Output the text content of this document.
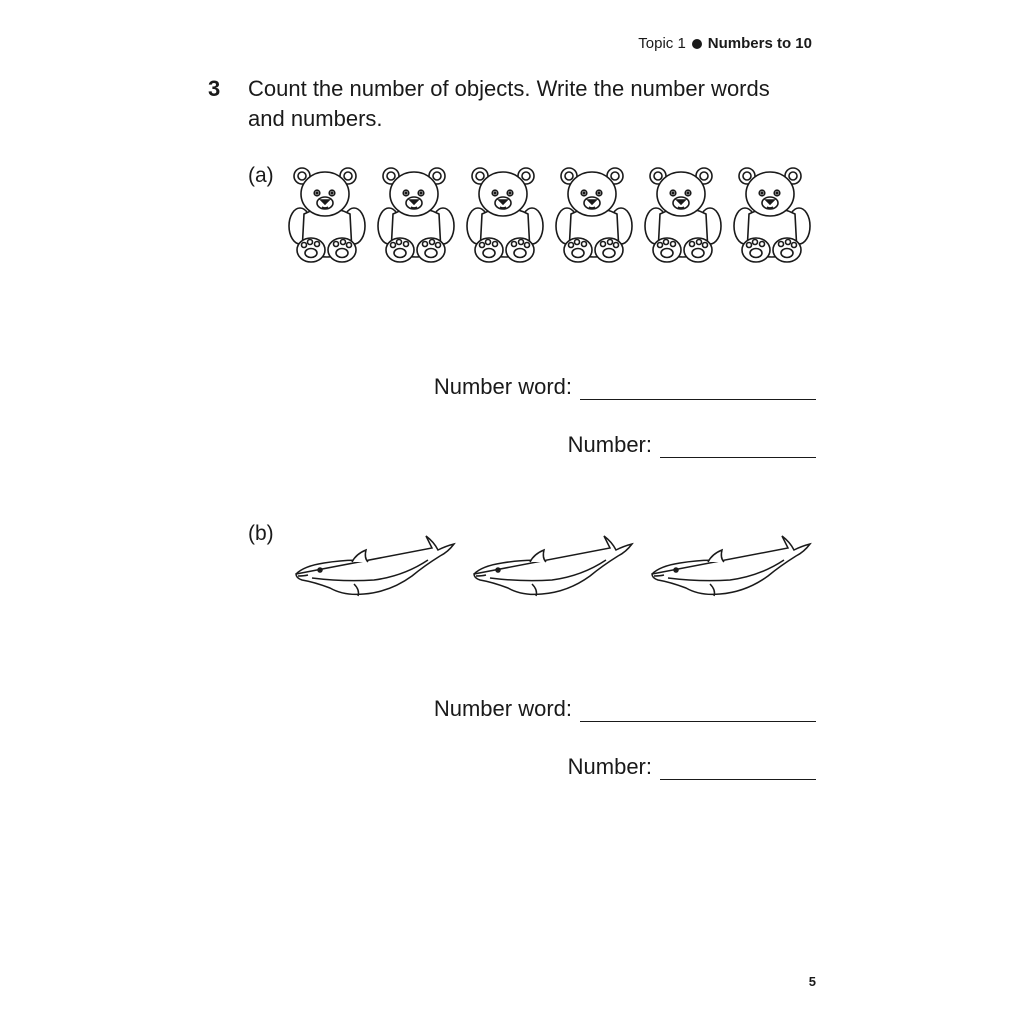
Topic 1 Numbers to 10
3 Count the number of objects. Write the number words and numbers.
(a)
Number word:
Number:
(b)
Number word:
Number:
5
